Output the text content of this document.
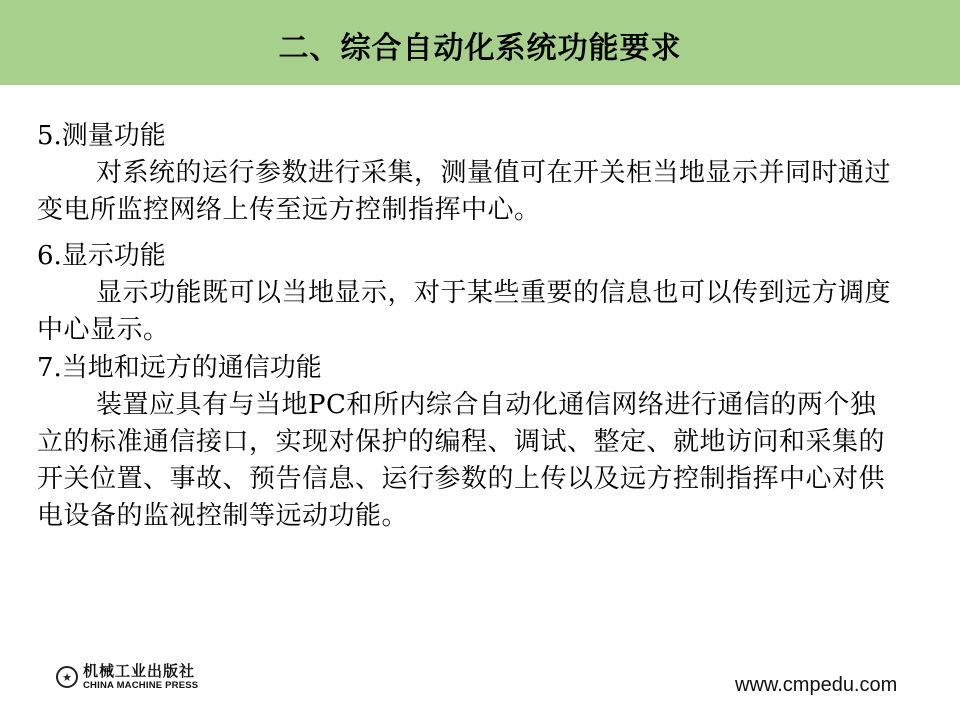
二、综合自动化系统功能要求

5.测量功能

对系统的运行参数进行采集，测量值可在开关柜当地显示并同时通过变电所监控网络上传至远方控制指挥中心。

6.显示功能

显示功能既可以当地显示，对于某些重要的信息也可以传到远方调度中心显示。

7.当地和远方的通信功能

装置应具有与当地PC和所内综合自动化通信网络进行通信的两个独立的标准通信接口，实现对保护的编程、调试、整定、就地访问和采集的开关位置、事故、预告信息、运行参数的上传以及远方控制指挥中心对供电设备的监视控制等远动功能。

★ 机械工业出版社
CHINA MACHINE PRESS	www.cmpedu.com
